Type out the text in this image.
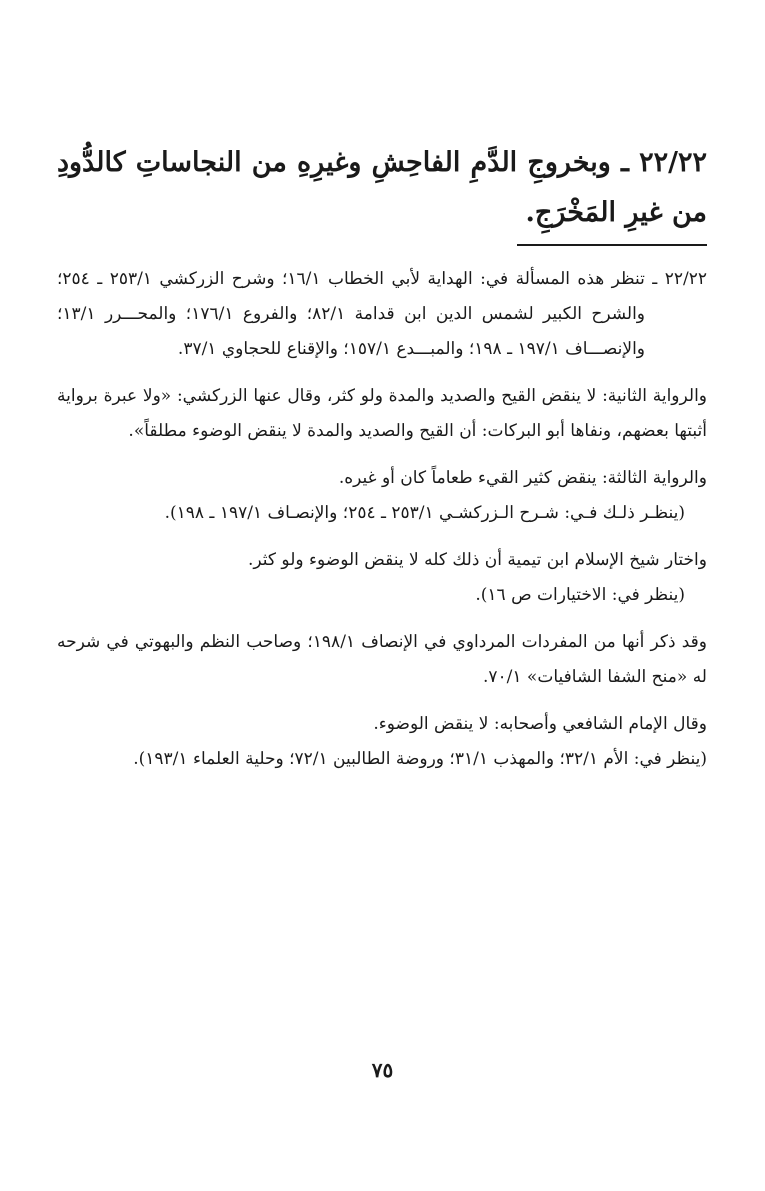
٢٢/٢٢ ـ وبخروجِ الدَّمِ الفاحِشِ وغيرِهِ من النجاساتِ كالدُّودِ من غيرِ المَخْرَجِ.

٢٢/٢٢ ـ تنظر هذه المسألة في: الهداية لأبي الخطاب ١٦/١؛ وشرح الزركشي ٢٥٣/١ ـ ٢٥٤؛ والشرح الكبير لشمس الدين ابن قدامة ٨٢/١؛ والفروع ١٧٦/١؛ والمحـــرر ١٣/١؛ والإنصـــاف ١٩٧/١ ـ ١٩٨؛ والمبـــدع ١٥٧/١؛ والإقناع للحجاوي ٣٧/١.

والرواية الثانية: لا ينقض القيح والصديد والمدة ولو كثر، وقال عنها الزركشي: «ولا عبرة برواية أثبتها بعضهم، ونفاها أبو البركات: أن القيح والصديد والمدة لا ينقض الوضوء مطلقاً».

والرواية الثالثة: ينقض كثير القيء طعاماً كان أو غيره.

(ينظـر ذلـك فـي: شـرح الـزركشـي ٢٥٣/١ ـ ٢٥٤؛ والإنصـاف ١٩٧/١ ـ ١٩٨).

واختار شيخ الإسلام ابن تيمية أن ذلك كله لا ينقض الوضوء ولو كثر.

(ينظر في: الاختيارات ص ١٦).

وقد ذكر أنها من المفردات المرداوي في الإنصاف ١٩٨/١؛ وصاحب النظم والبهوتي في شرحه له «منح الشفا الشافيات» ٧٠/١.

وقال الإمام الشافعي وأصحابه: لا ينقض الوضوء.

(ينظر في: الأم ٣٢/١؛ والمهذب ٣١/١؛ وروضة الطالبين ٧٢/١؛ وحلية العلماء ١٩٣/١).

٧٥
